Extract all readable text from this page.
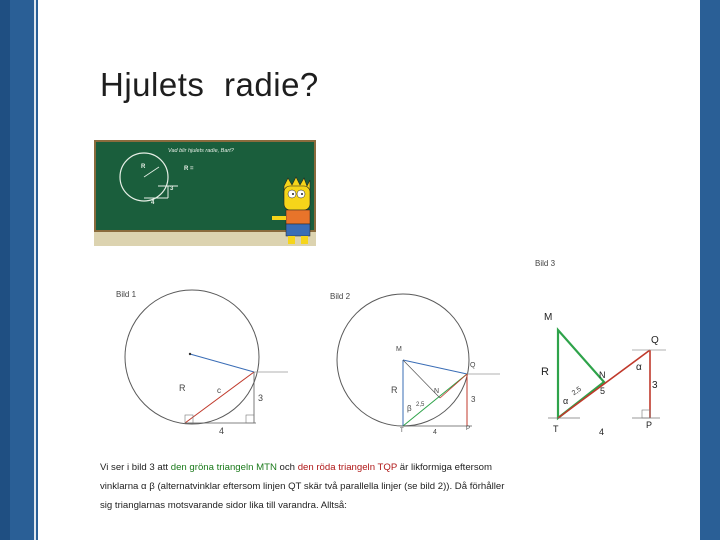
π Hjulets radie?
Vad blir hjulets radie, Bart?
R	R =
3
4
Bild 1
R	c
3
4
Bild 2
M
R
Q
N
β 2,5
3
T	4	P
Bild 3
M
R	N
α
2,5 5
T	4
Q
α
3
P
Vi ser i bild 3 att den gröna triangeln MTN och den röda triangeln TQP är likformiga eftersom
vinklarna α β (alternatvinklar eftersom linjen QT skär två parallella linjer (se bild 2)). Då förhåller
sig trianglarnas motsvarande sidor lika till varandra. Alltså:
